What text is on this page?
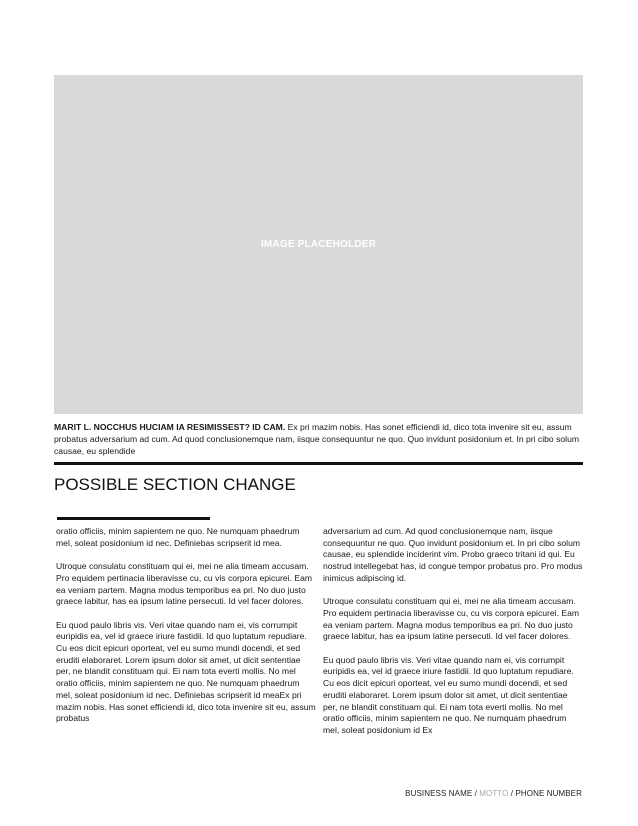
IMAGE PLACEHOLDER
MARIT L. NOCCHUS HUCIAM IA RESIMISSEST? ID CAM. Ex pri mazim nobis. Has sonet efficiendi id, dico tota invenire sit eu, assum probatus adversarium ad cum. Ad quod conclusionemque nam, iisque consequuntur ne quo. Quo invidunt posidonium et. In pri cibo solum causae, eu splendide
POSSIBLE SECTION CHANGE

oratio officiis, minim sapientem ne quo. Ne numquam phaedrum mel, soleat posidonium id nec. Definiebas scripserit id mea.

Utroque consulatu constituam qui ei, mei ne alia timeam accusam. Pro equidem pertinacia liberavisse cu, cu vis corpora epicurei. Eam ea veniam partem. Magna modus temporibus ea pri. No duo justo graece labitur, has ea ipsum latine persecuti. Id vel facer dolores.

Eu quod paulo libris vis. Veri vitae quando nam ei, vis corrumpit euripidis ea, vel id graece iriure fastidii. Id quo luptatum repudiare. Cu eos dicit epicuri oporteat, vel eu sumo mundi docendi, et sed eruditi elaboraret. Lorem ipsum dolor sit amet, ut dicit sententiae per, ne blandit constituam qui. Ei nam tota everti mollis. No mel oratio officiis, minim sapientem ne quo. Ne numquam phaedrum mel, soleat posidonium id nec. Definiebas scripserit id meaEx pri mazim nobis. Has sonet efficiendi id, dico tota invenire sit eu, assum probatus

adversarium ad cum. Ad quod conclusionemque nam, iisque consequuntur ne quo. Quo invidunt posidonium et. In pri cibo solum causae, eu splendide inciderint vim. Probo graeco tritani id qui. Eu nostrud intellegebat has, id congue tempor probatus pro. Pro modus inimicus adipiscing id.

Utroque consulatu constituam qui ei, mei ne alia timeam accusam. Pro equidem pertinacia liberavisse cu, cu vis corpora epicurei. Eam ea veniam partem. Magna modus temporibus ea pri. No duo justo graece labitur, has ea ipsum latine persecuti. Id vel facer dolores.

Eu quod paulo libris vis. Veri vitae quando nam ei, vis corrumpit euripidis ea, vel id graece iriure fastidii. Id quo luptatum repudiare. Cu eos dicit epicuri oporteat, vel eu sumo mundi docendi, et sed eruditi elaboraret. Lorem ipsum dolor sit amet, ut dicit sententiae per, ne blandit constituam qui. Ei nam tota everti mollis. No mel oratio officiis, minim sapientem ne quo. Ne numquam phaedrum mel, soleat posidonium id Ex

BUSINESS NAME / MOTTO / PHONE NUMBER
